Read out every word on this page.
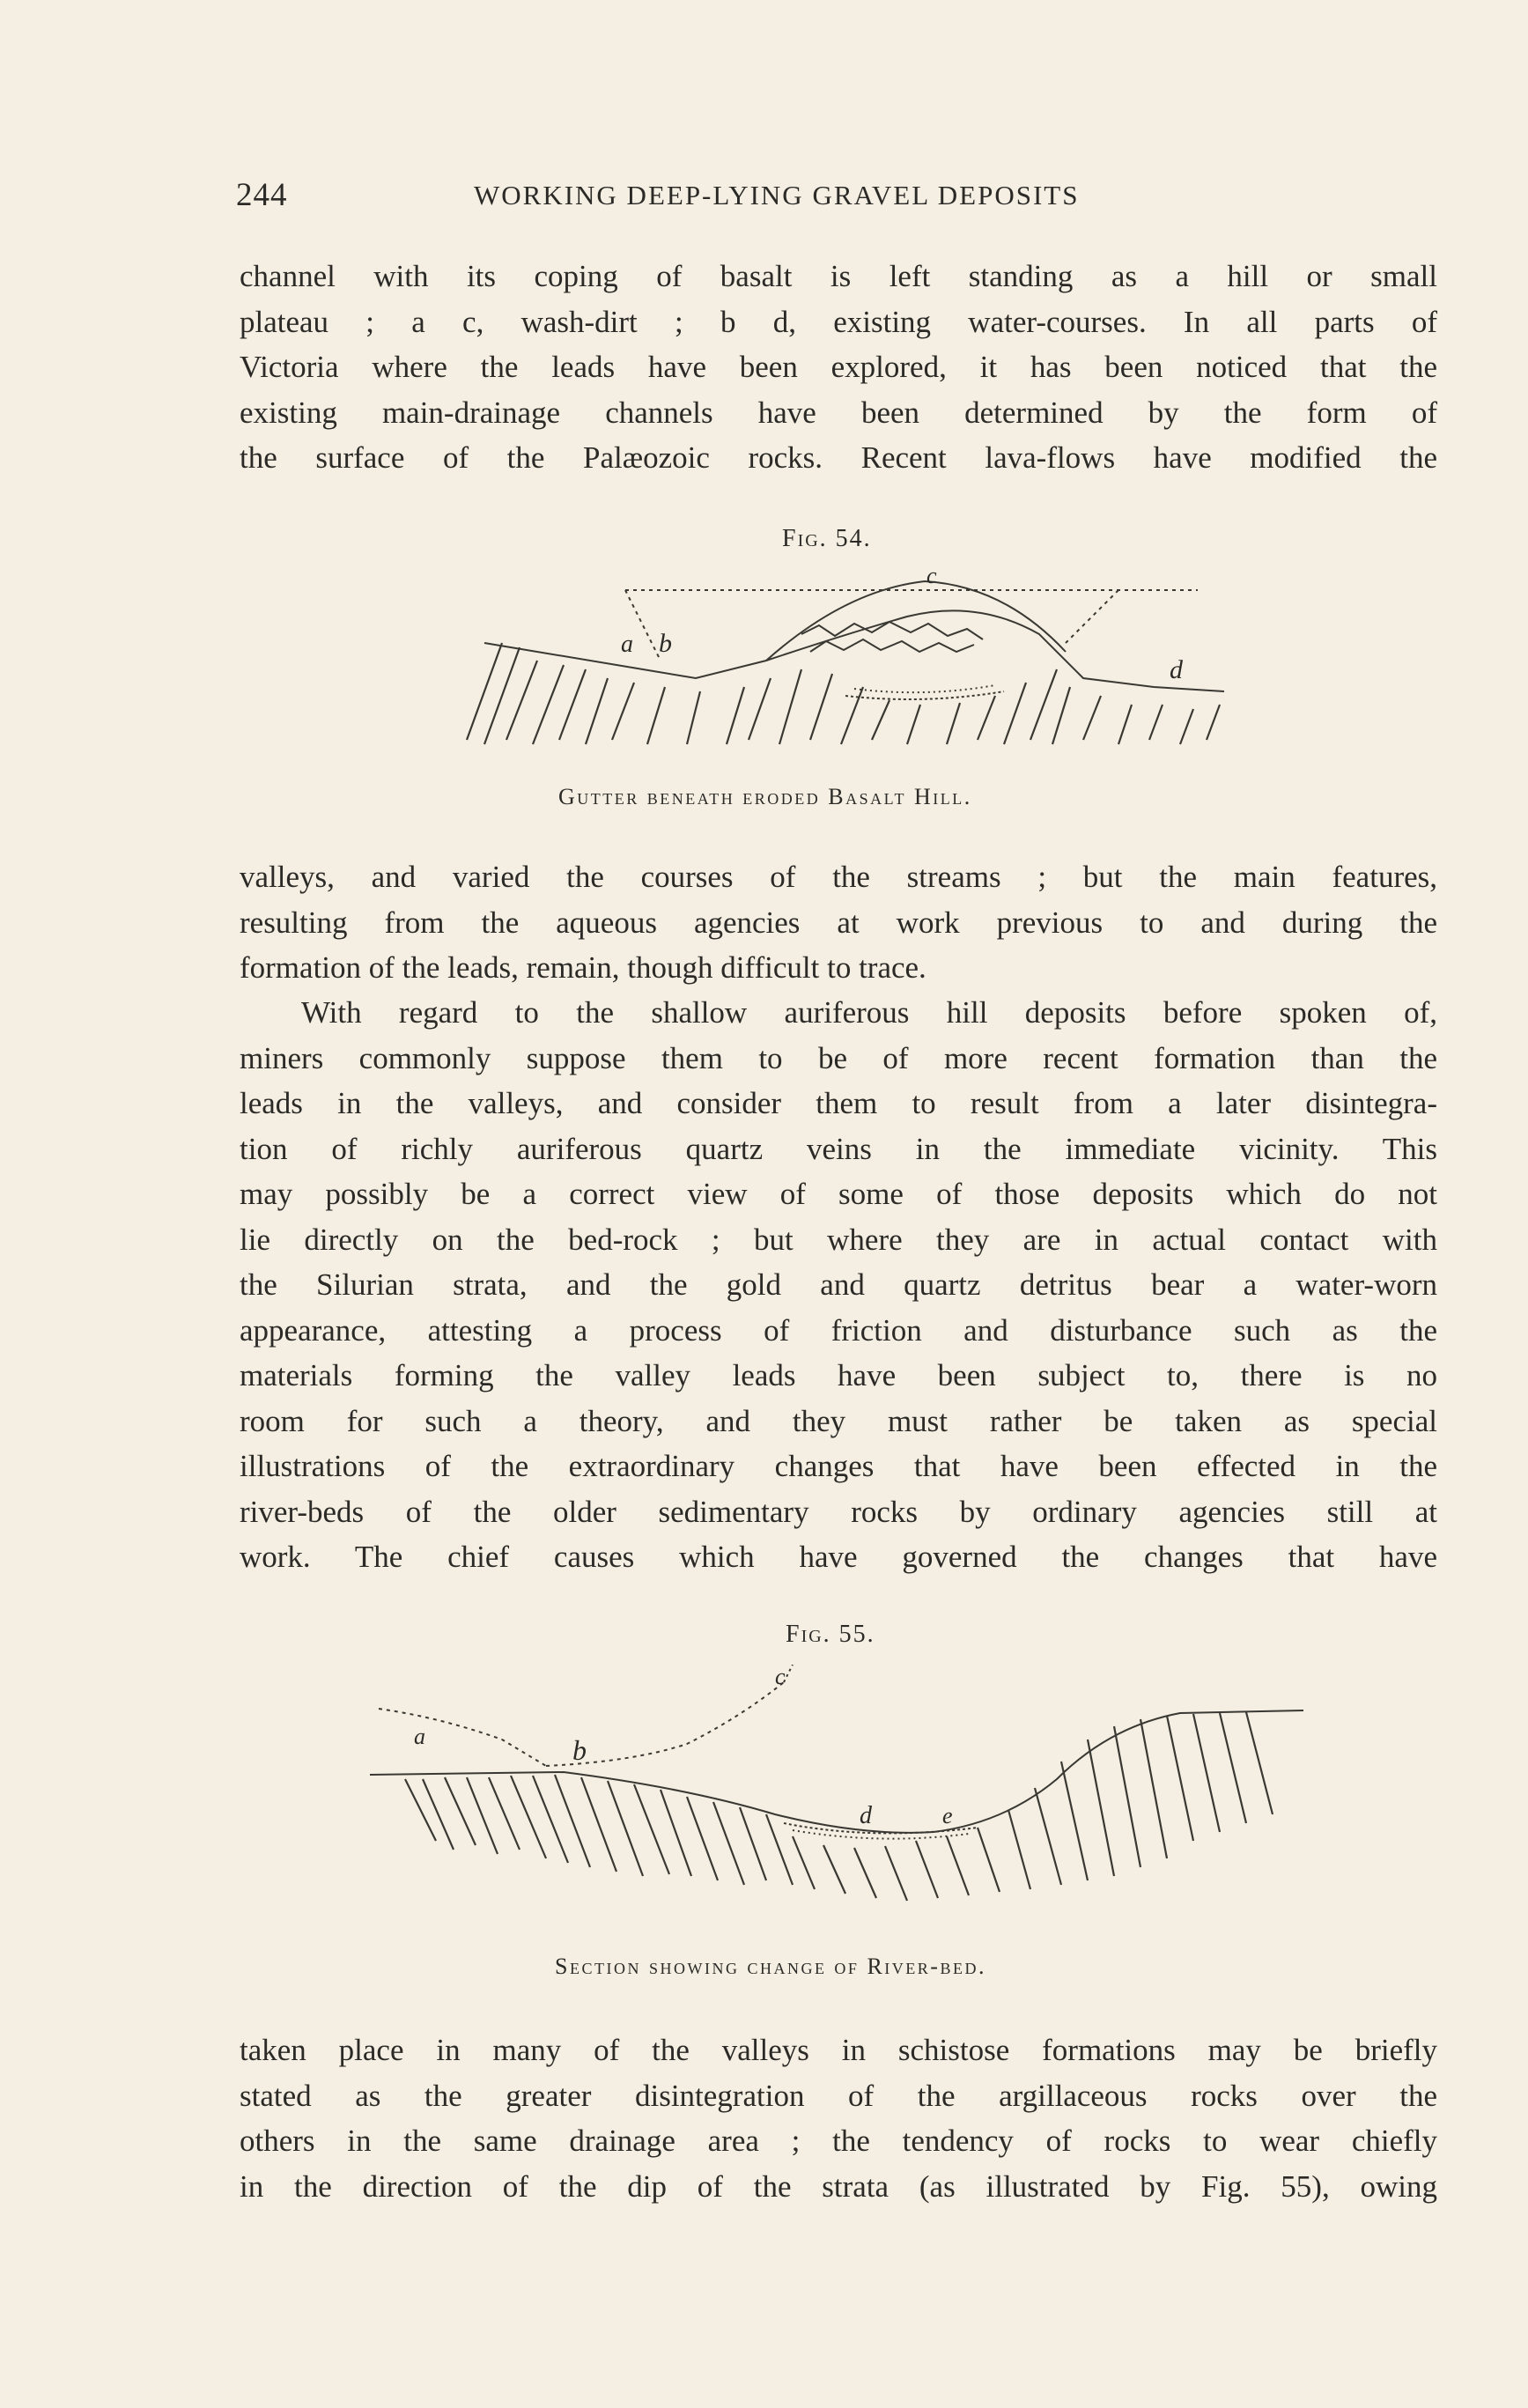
244	WORKING DEEP-LYING GRAVEL DEPOSITS
channel with its coping of basalt is left standing as a hill or small
plateau ; a c, wash-dirt ; b d, existing water-courses. In all parts of
Victoria where the leads have been explored, it has been noticed that the
existing main-drainage channels have been determined by the form of
the surface of the Palæozoic rocks. Recent lava-flows have modified the
Fig. 54.
a b
c
d
Gutter beneath eroded Basalt Hill.
valleys, and varied the courses of the streams ; but the main features,
resulting from the aqueous agencies at work previous to and during the
formation of the leads, remain, though difficult to trace.
With regard to the shallow auriferous hill deposits before spoken of,
miners commonly suppose them to be of more recent formation than the
leads in the valleys, and consider them to result from a later disintegra-
tion of richly auriferous quartz veins in the immediate vicinity. This
may possibly be a correct view of some of those deposits which do not
lie directly on the bed-rock ; but where they are in actual contact with
the Silurian strata, and the gold and quartz detritus bear a water-worn
appearance, attesting a process of friction and disturbance such as the
materials forming the valley leads have been subject to, there is no
room for such a theory, and they must rather be taken as special
illustrations of the extraordinary changes that have been effected in the
river-beds of the older sedimentary rocks by ordinary agencies still at
work. The chief causes which have governed the changes that have
Fig. 55.
a	b
c
d	e
Section showing change of River-bed.
taken place in many of the valleys in schistose formations may be briefly
stated as the greater disintegration of the argillaceous rocks over the
others in the same drainage area ; the tendency of rocks to wear chiefly
in the direction of the dip of the strata (as illustrated by Fig. 55), owing
